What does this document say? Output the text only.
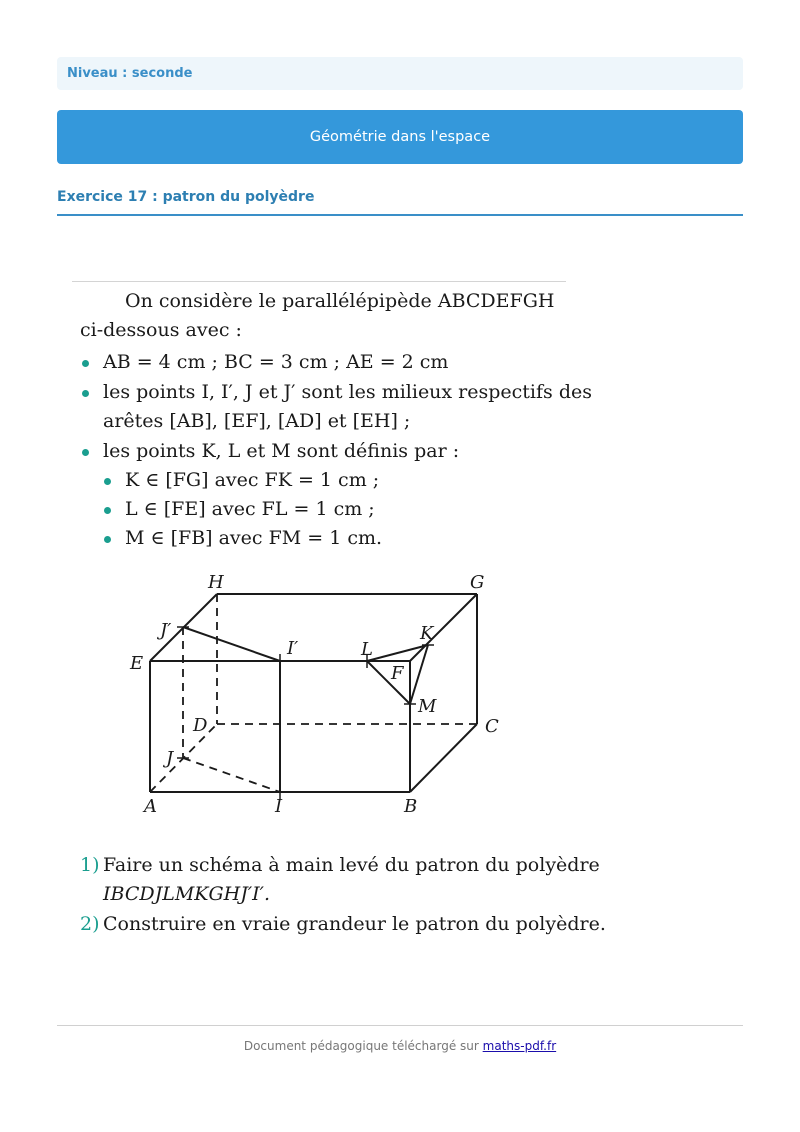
Niveau : seconde
Géométrie dans l'espace
Exercice 17 : patron du polyèdre
On considère le parallélépipède ABCDEFGH
ci-dessous avec :
AB = 4 cm ; BC = 3 cm ; AE = 2 cm
les points I, I′, J et J′ sont les milieux respectifs des
arêtes [AB], [EF], [AD] et [EH] ;
les points K, L et M sont définis par :
K ∈ [FG] avec FK = 1 cm ;
L ∈ [FE] avec FL = 1 cm ;
M ∈ [FB] avec FM = 1 cm.
H	G
J′	K
E
I′	L
F
M
D	C
J
A	I	B
1) Faire un schéma à main levé du patron du polyèdre
IBCDJLMKGHJ′I′.
2) Construire en vraie grandeur le patron du polyèdre.
Document pédagogique téléchargé sur maths-pdf.fr
